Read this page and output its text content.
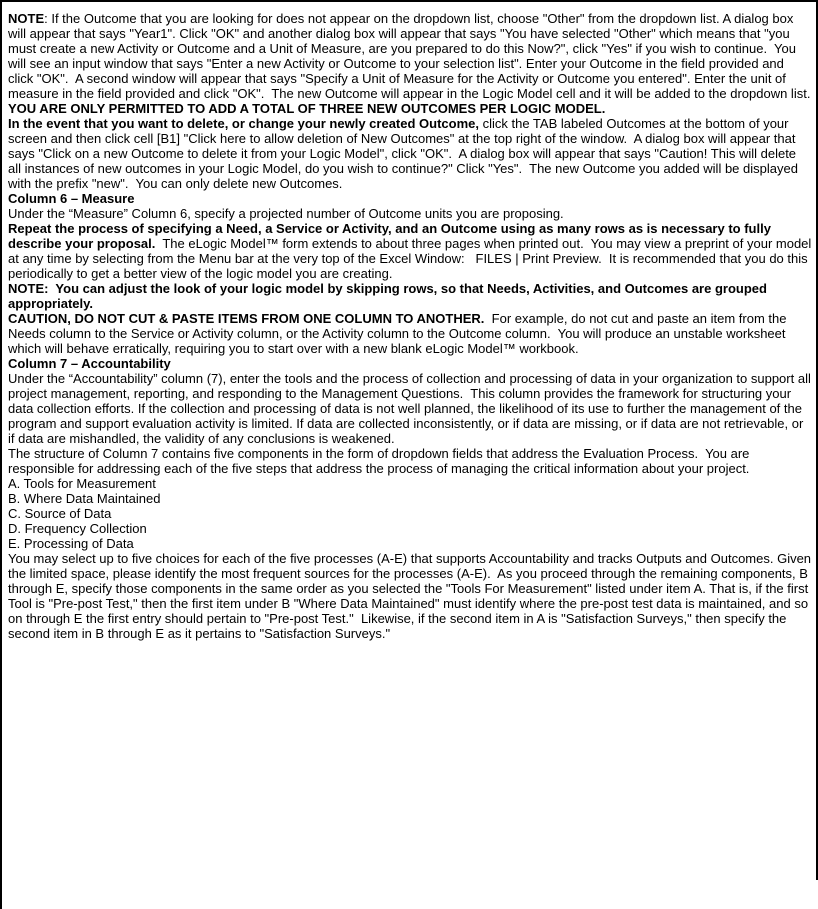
NOTE: If the Outcome that you are looking for does not appear on the dropdown list, choose "Other" from the dropdown list. A dialog box will appear that says "Year1". Click "OK" and another dialog box will appear that says "You have selected "Other" which means that "you must create a new Activity or Outcome and a Unit of Measure, are you prepared to do this Now?", click "Yes" if you wish to continue.  You will see an input window that says "Enter a new Activity or Outcome to your selection list". Enter your Outcome in the field provided and click "OK".  A second window will appear that says "Specify a Unit of Measure for the Activity or Outcome you entered". Enter the unit of measure in the field provided and click "OK".  The new Outcome will appear in the Logic Model cell and it will be added to the dropdown list.  YOU ARE ONLY PERMITTED TO ADD A TOTAL OF THREE NEW OUTCOMES PER LOGIC MODEL.

In the event that you want to delete, or change your newly created Outcome, click the TAB labeled Outcomes at the bottom of your screen and then click cell [B1] "Click here to allow deletion of New Outcomes" at the top right of the window.  A dialog box will appear that says "Click on a new Outcome to delete it from your Logic Model", click "OK".  A dialog box will appear that says "Caution! This will delete all instances of new outcomes in your Logic Model, do you wish to continue?" Click "Yes".  The new Outcome you added will be displayed with the prefix "new".  You can only delete new Outcomes.

Column 6 – Measure

Under the “Measure” Column 6, specify a projected number of Outcome units you are proposing.

Repeat the process of specifying a Need, a Service or Activity, and an Outcome using as many rows as is necessary to fully describe your proposal.  The eLogic Model™ form extends to about three pages when printed out.  You may view a preprint of your model at any time by selecting from the Menu bar at the very top of the Excel Window:   FILES | Print Preview.  It is recommended that you do this periodically to get a better view of the logic model you are creating.

NOTE:  You can adjust the look of your logic model by skipping rows, so that Needs, Activities, and Outcomes are grouped appropriately.

CAUTION, DO NOT CUT & PASTE ITEMS FROM ONE COLUMN TO ANOTHER.  For example, do not cut and paste an item from the Needs column to the Service or Activity column, or the Activity column to the Outcome column.  You will produce an unstable worksheet which will behave erratically, requiring you to start over with a new blank eLogic Model™ workbook.

Column 7 – Accountability

Under the “Accountability” column (7), enter the tools and the process of collection and processing of data in your organization to support all project management, reporting, and responding to the Management Questions.  This column provides the framework for structuring your data collection efforts. If the collection and processing of data is not well planned, the likelihood of its use to further the management of the program and support evaluation activity is limited. If data are collected inconsistently, or if data are missing, or if data are not retrievable, or if data are mishandled, the validity of any conclusions is weakened.

The structure of Column 7 contains five components in the form of dropdown fields that address the Evaluation Process.  You are responsible for addressing each of the five steps that address the process of managing the critical information about your project.

A. Tools for Measurement
B. Where Data Maintained
C. Source of Data
D. Frequency Collection
E. Processing of Data

You may select up to five choices for each of the five processes (A-E) that supports Accountability and tracks Outputs and Outcomes. Given the limited space, please identify the most frequent sources for the processes (A-E).  As you proceed through the remaining components, B through E, specify those components in the same order as you selected the "Tools For Measurement" listed under item A. That is, if the first Tool is "Pre-post Test," then the first item under B "Where Data Maintained" must identify where the pre-post test data is maintained, and so on through E the first entry should pertain to "Pre-post Test."  Likewise, if the second item in A is "Satisfaction Surveys," then specify the second item in B through E as it pertains to "Satisfaction Surveys."
